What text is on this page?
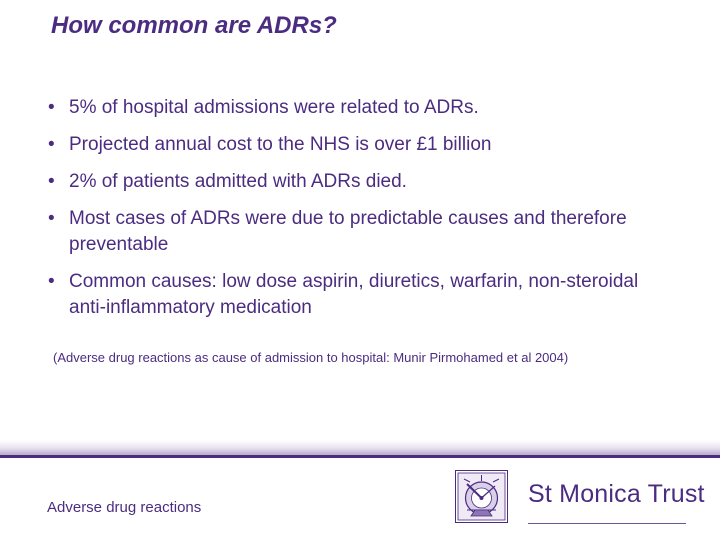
How common are ADRs?
• 5% of hospital admissions were related to ADRs.
• Projected annual cost to the NHS is over £1 billion
• 2% of patients admitted with ADRs died.
• Most cases of ADRs were due to predictable causes and therefore preventable
• Common causes: low dose aspirin, diuretics, warfarin, non-steroidal anti-inflammatory medication
(Adverse drug reactions as cause of admission to hospital: Munir Pirmohamed et al 2004)
Adverse drug reactions	St Monica Trust
